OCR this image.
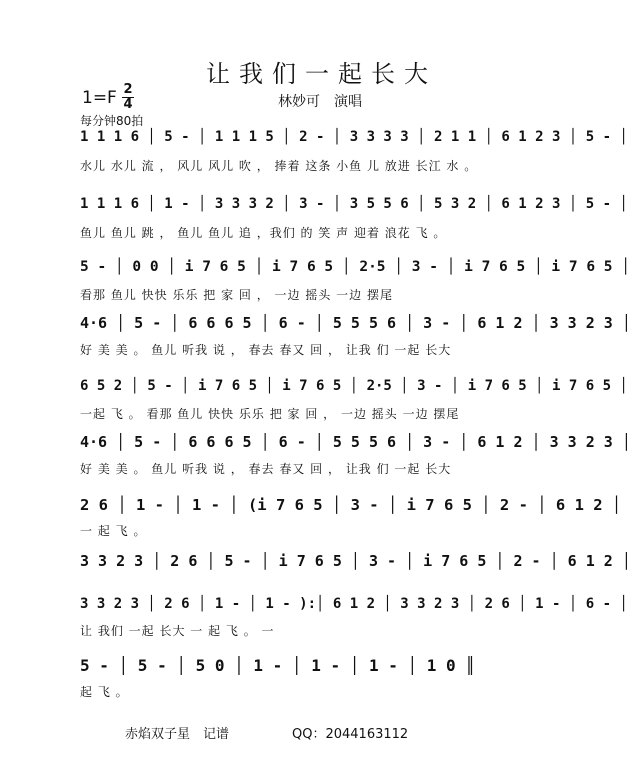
让我们一起长大
1=F 2
4	林妙可　演唱
每分钟80拍
1 1 1 6 │ 5 - │ 1 1 1 5 │ 2 - │ 3 3 3 3 │ 2 1 1 │ 6 1 2 3 │ 5 - │
水儿 水儿 流 ， 风儿 风儿 吹 ， 捧着 这条 小鱼 儿 放进 长江 水 。
1 1 1 6 │ 1 - │ 3 3 3 2 │ 3 - │ 3 5 5 6 │ 5 3 2 │ 6 1 2 3 │ 5 - │
鱼儿 鱼儿 跳 ， 鱼儿 鱼儿 追 ，我们 的 笑 声 迎着 浪花 飞 。
5 - │ 0 0 │ i 7 6 5 │ i 7 6 5 │ 2·5 │ 3 - │ i 7 6 5 │ i 7 6 5 │
看那 鱼儿 快快 乐乐 把 家 回 ， 一边 摇头 一边 摆尾
4·6 │ 5 - │ 6 6 6 5 │ 6 - │ 5 5 5 6 │ 3 - │ 6 1 2 │ 3 3 2 3 │
好 美 美 。 鱼儿 听我 说 ， 春去 春又 回 ， 让我 们 一起 长大
6 5 2 │ 5 - │ i 7 6 5 │ i 7 6 5 │ 2·5 │ 3 - │ i 7 6 5 │ i 7 6 5 │
一起 飞 。 看那 鱼儿 快快 乐乐 把 家 回 ， 一边 摇头 一边 摆尾
4·6 │ 5 - │ 6 6 6 5 │ 6 - │ 5 5 5 6 │ 3 - │ 6 1 2 │ 3 3 2 3 │
好 美 美 。 鱼儿 听我 说 ， 春去 春又 回 ， 让我 们 一起 长大
2 6 │ 1 - │ 1 - │ (i 7 6 5 │ 3 - │ i 7 6 5 │ 2 - │ 6 1 2 │
一 起 飞 。
3 3 2 3 │ 2 6 │ 5 - │ i 7 6 5 │ 3 - │ i 7 6 5 │ 2 - │ 6 1 2 │
3 3 2 3 │ 2 6 │ 1 - │ 1 - ):│ 6 1 2 │ 3 3 2 3 │ 2 6 │ 1 - │ 6 - │
让 我们 一起 长大 一 起 飞 。 一
5 - │ 5 - │ 5 0 │ 1 - │ 1 - │ 1 - │ 1 0 ║
起 飞 。
赤焰双子星　记谱	QQ：2044163112
